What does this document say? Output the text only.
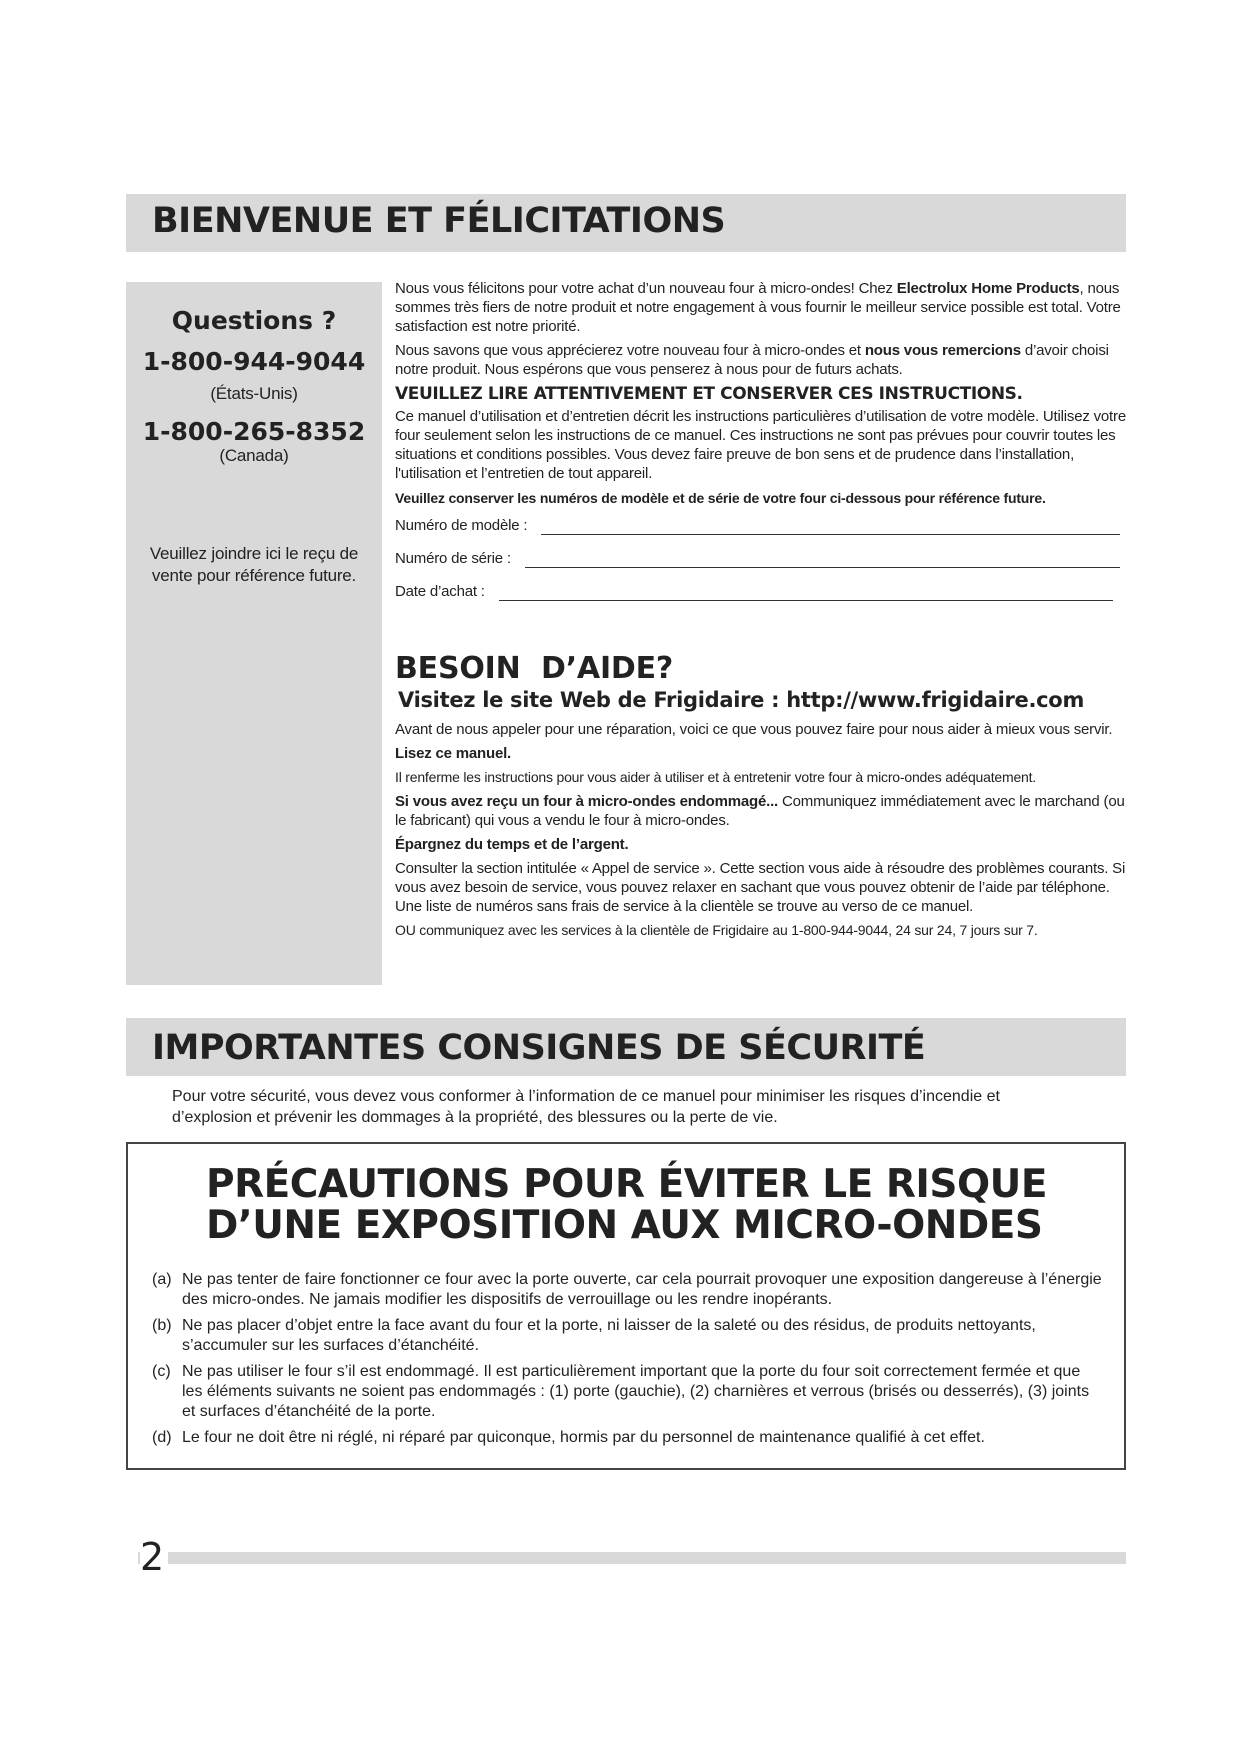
BIENVENUE ET FÉLICITATIONS
Questions ?
1-800-944-9044
(États-Unis)
1-800-265-8352
(Canada)
Veuillez joindre ici le reçu de vente pour référence future.

Nous vous félicitons pour votre achat d’un nouveau four à micro-ondes! Chez Electrolux Home Products, nous sommes très fiers de notre produit et notre engagement à vous fournir le meilleur service possible est total. Votre satisfaction est notre priorité.

Nous savons que vous apprécierez votre nouveau four à micro-ondes et nous vous remercions d’avoir choisi notre produit. Nous espérons que vous penserez à nous pour de futurs achats.

VEUILLEZ LIRE ATTENTIVEMENT ET CONSERVER CES INSTRUCTIONS.

Ce manuel d’utilisation et d’entretien décrit les instructions particulières d’utilisation de votre modèle. Utilisez votre four seulement selon les instructions de ce manuel. Ces instructions ne sont pas prévues pour couvrir toutes les situations et conditions possibles. Vous devez faire preuve de bon sens et de prudence dans l’installation, l'utilisation et l’entretien de tout appareil.

Veuillez conserver les numéros de modèle et de série de votre four ci-dessous pour référence future.

Numéro de modèle :
Numéro de série :
Date d’achat :
BESOIN  D’AIDE?
Visitez le site Web de Frigidaire : http://www.frigidaire.com

Avant de nous appeler pour une réparation, voici ce que vous pouvez faire pour nous aider à mieux vous servir.

Lisez ce manuel.

Il renferme les instructions pour vous aider à utiliser et à entretenir votre four à micro-ondes adéquatement.

Si vous avez reçu un four à micro-ondes endommagé... Communiquez immédiatement avec le marchand (ou le fabricant) qui vous a vendu le four à micro-ondes.

Épargnez du temps et de l’argent.

Consulter la section intitulée « Appel de service ». Cette section vous aide à résoudre des problèmes courants. Si vous avez besoin de service, vous pouvez relaxer en sachant que vous pouvez obtenir de l’aide par téléphone. Une liste de numéros sans frais de service à la clientèle se trouve au verso de ce manuel.

OU communiquez avec les services à la clientèle de Frigidaire au 1-800-944-9044, 24 sur 24, 7 jours sur 7.

IMPORTANTES CONSIGNES DE SÉCURITÉ
Pour votre sécurité, vous devez vous conformer à l’information de ce manuel pour minimiser les risques d’incendie et d’explosion et prévenir les dommages à la propriété, des blessures ou la perte de vie.
PRÉCAUTIONS POUR ÉVITER LE RISQUE
D’UNE EXPOSITION AUX MICRO-ONDES
(a) Ne pas tenter de faire fonctionner ce four avec la porte ouverte, car cela pourrait provoquer une exposition dangereuse à l’énergie des micro-ondes. Ne jamais modifier les dispositifs de verrouillage ou les rendre inopérants.
(b) Ne pas placer d’objet entre la face avant du four et la porte, ni laisser de la saleté ou des résidus, de produits nettoyants, s’accumuler sur les surfaces d’étanchéité.
(c) Ne pas utiliser le four s’il est endommagé. Il est particulièrement important que la porte du four soit correctement fermée et que les éléments suivants ne soient pas endommagés : (1) porte (gauchie), (2) charnières et verrous (brisés ou desserrés), (3) joints et surfaces d’étanchéité de la porte.
(d) Le four ne doit être ni réglé, ni réparé par quiconque, hormis par du personnel de maintenance qualifié à cet effet.
2
